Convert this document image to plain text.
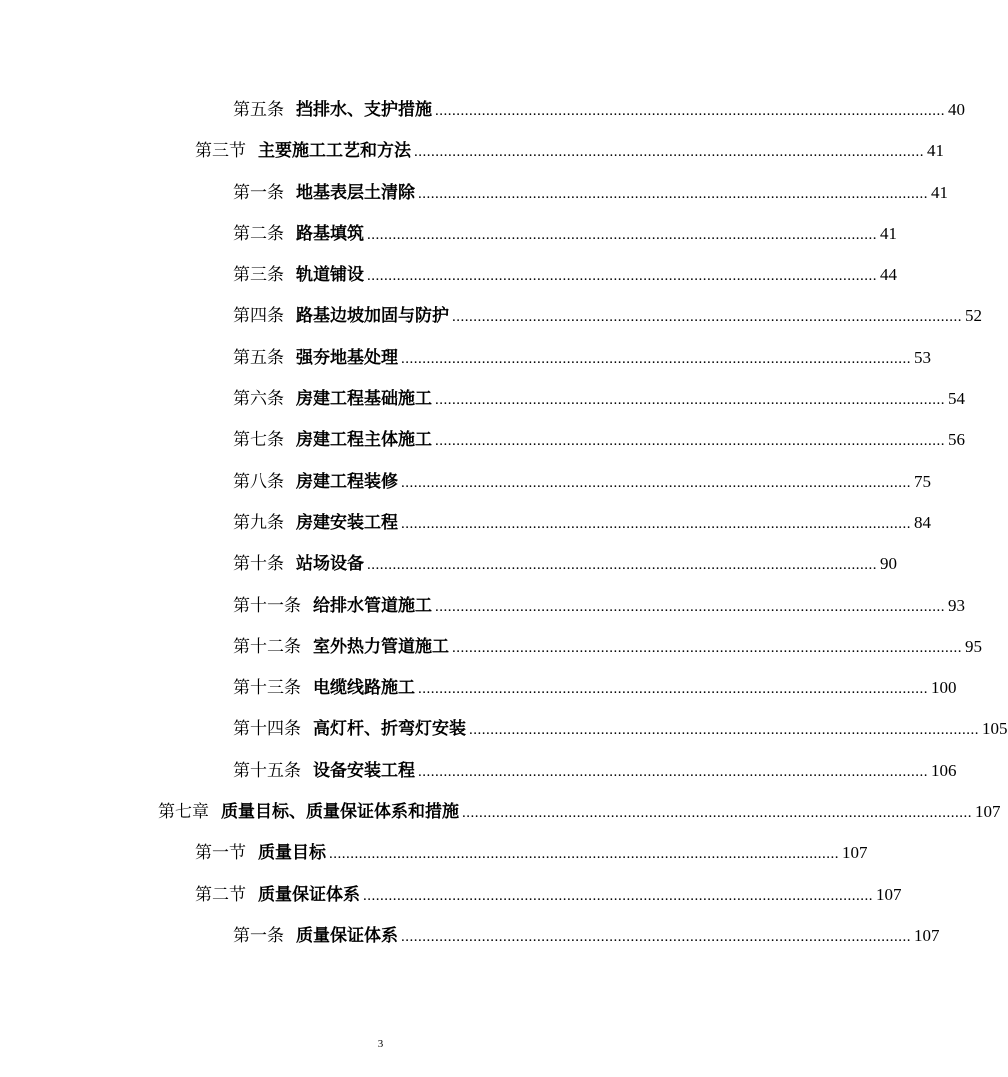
第五条 挡排水、支护措施 ........................................................................................................................ 40
第三节 主要施工工艺和方法 ........................................................................................................................ 41
第一条 地基表层土清除 ........................................................................................................................ 41
第二条 路基填筑 ........................................................................................................................ 41
第三条 轨道铺设 ........................................................................................................................ 44
第四条 路基边坡加固与防护 ........................................................................................................................ 52
第五条 强夯地基处理 ........................................................................................................................ 53
第六条 房建工程基础施工 ........................................................................................................................ 54
第七条 房建工程主体施工 ........................................................................................................................ 56
第八条 房建工程装修 ........................................................................................................................ 75
第九条 房建安装工程 ........................................................................................................................ 84
第十条 站场设备 ........................................................................................................................ 90
第十一条 给排水管道施工 ........................................................................................................................ 93
第十二条 室外热力管道施工 ........................................................................................................................ 95
第十三条 电缆线路施工 ........................................................................................................................ 100
第十四条 高灯杆、折弯灯安装 ........................................................................................................................ 105
第十五条 设备安装工程 ........................................................................................................................ 106
第七章 质量目标、质量保证体系和措施 ........................................................................................................................ 107
第一节 质量目标 ........................................................................................................................ 107
第二节 质量保证体系 ........................................................................................................................ 107
第一条 质量保证体系 ........................................................................................................................ 107
3
